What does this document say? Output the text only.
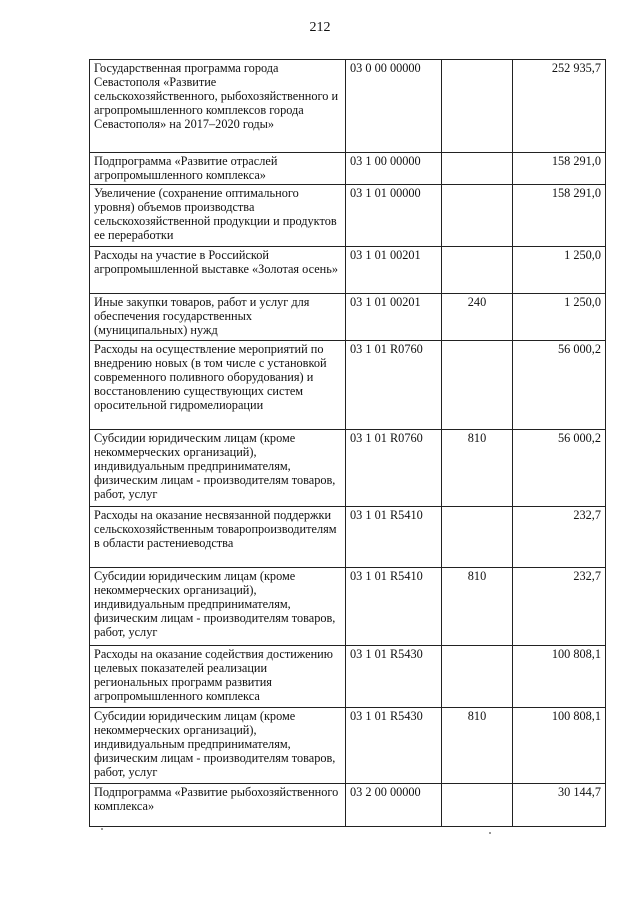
212
Государственная программа города Севастополя «Развитие сельскохозяйственного, рыбохозяйственного и агропромышленного комплексов города Севастополя» на 2017–2020 годы»	03 0 00 00000		252 935,7
Подпрограмма «Развитие отраслей агропромышленного комплекса»	03 1 00 00000		158 291,0
Увеличение (сохранение оптимального уровня) объемов производства сельскохозяйственной продукции и продуктов ее переработки	03 1 01 00000		158 291,0
Расходы на участие в Российской агропромышленной выставке «Золотая осень»	03 1 01 00201		1 250,0
Иные закупки товаров, работ и услуг для обеспечения государственных (муниципальных) нужд	03 1 01 00201	240	1 250,0
Расходы на осуществление мероприятий по внедрению новых (в том числе с установкой современного поливного оборудования) и восстановлению существующих систем оросительной гидромелиорации	03 1 01 R0760		56 000,2
Субсидии юридическим лицам (кроме некоммерческих организаций), индивидуальным предпринимателям, физическим лицам - производителям товаров, работ, услуг	03 1 01 R0760	810	56 000,2
Расходы на оказание несвязанной поддержки сельскохозяйственным товаропроизводителям в области растениеводства	03 1 01 R5410		232,7
Субсидии юридическим лицам (кроме некоммерческих организаций), индивидуальным предпринимателям, физическим лицам - производителям товаров, работ, услуг	03 1 01 R5410	810	232,7
Расходы на оказание содействия достижению целевых показателей реализации региональных программ развития агропромышленного комплекса	03 1 01 R5430		100 808,1
Субсидии юридическим лицам (кроме некоммерческих организаций), индивидуальным предпринимателям, физическим лицам - производителям товаров, работ, услуг	03 1 01 R5430	810	100 808,1
Подпрограмма «Развитие рыбохозяйственного комплекса»	03 2 00 00000		30 144,7
